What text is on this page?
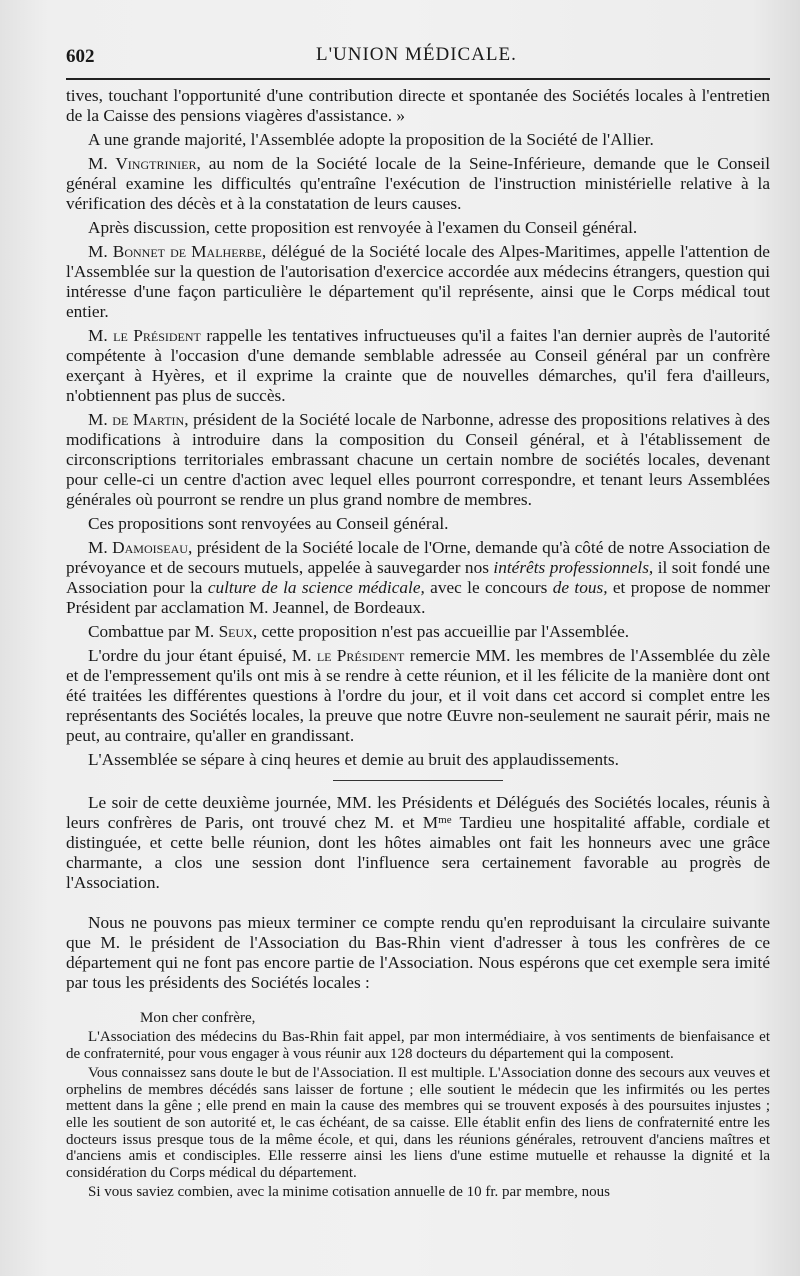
602	L'UNION MÉDICALE.

tives, touchant l'opportunité d'une contribution directe et spontanée des Sociétés locales à l'entretien de la Caisse des pensions viagères d'assistance. »

A une grande majorité, l'Assemblée adopte la proposition de la Société de l'Allier.

M. Vingtrinier, au nom de la Société locale de la Seine-Inférieure, demande que le Conseil général examine les difficultés qu'entraîne l'exécution de l'instruction ministérielle relative à la vérification des décès et à la constatation de leurs causes.

Après discussion, cette proposition est renvoyée à l'examen du Conseil général.

M. Bonnet de Malherbe, délégué de la Société locale des Alpes-Maritimes, appelle l'attention de l'Assemblée sur la question de l'autorisation d'exercice accordée aux médecins étrangers, question qui intéresse d'une façon particulière le département qu'il représente, ainsi que le Corps médical tout entier.

M. le Président rappelle les tentatives infructueuses qu'il a faites l'an dernier auprès de l'autorité compétente à l'occasion d'une demande semblable adressée au Conseil général par un confrère exerçant à Hyères, et il exprime la crainte que de nouvelles démarches, qu'il fera d'ailleurs, n'obtiennent pas plus de succès.

M. de Martin, président de la Société locale de Narbonne, adresse des propositions relatives à des modifications à introduire dans la composition du Conseil général, et à l'établissement de circonscriptions territoriales embrassant chacune un certain nombre de sociétés locales, devenant pour celle-ci un centre d'action avec lequel elles pourront correspondre, et tenant leurs Assemblées générales où pourront se rendre un plus grand nombre de membres.

Ces propositions sont renvoyées au Conseil général.

M. Damoiseau, président de la Société locale de l'Orne, demande qu'à côté de notre Association de prévoyance et de secours mutuels, appelée à sauvegarder nos intérêts professionnels, il soit fondé une Association pour la culture de la science médicale, avec le concours de tous, et propose de nommer Président par acclamation M. Jeannel, de Bordeaux.

Combattue par M. Seux, cette proposition n'est pas accueillie par l'Assemblée.

L'ordre du jour étant épuisé, M. le Président remercie MM. les membres de l'Assemblée du zèle et de l'empressement qu'ils ont mis à se rendre à cette réunion, et il les félicite de la manière dont ont été traitées les différentes questions à l'ordre du jour, et il voit dans cet accord si complet entre les représentants des Sociétés locales, la preuve que notre Œuvre non-seulement ne saurait périr, mais ne peut, au contraire, qu'aller en grandissant.

L'Assemblée se sépare à cinq heures et demie au bruit des applaudissements.

Le soir de cette deuxième journée, MM. les Présidents et Délégués des Sociétés locales, réunis à leurs confrères de Paris, ont trouvé chez M. et $M^{me}$ Tardieu une hospitalité affable, cordiale et distinguée, et cette belle réunion, dont les hôtes aimables ont fait les honneurs avec une grâce charmante, a clos une session dont l'influence sera certainement favorable au progrès de l'Association.

Nous ne pouvons pas mieux terminer ce compte rendu qu'en reproduisant la circulaire suivante que M. le président de l'Association du Bas-Rhin vient d'adresser à tous les confrères de ce département qui ne font pas encore partie de l'Association. Nous espérons que cet exemple sera imité par tous les présidents des Sociétés locales :

Mon cher confrère,

L'Association des médecins du Bas-Rhin fait appel, par mon intermédiaire, à vos sentiments de bienfaisance et de confraternité, pour vous engager à vous réunir aux 128 docteurs du département qui la composent.

Vous connaissez sans doute le but de l'Association. Il est multiple. L'Association donne des secours aux veuves et orphelins de membres décédés sans laisser de fortune ; elle soutient le médecin que les infirmités ou les pertes mettent dans la gêne ; elle prend en main la cause des membres qui se trouvent exposés à des poursuites injustes ; elle les soutient de son autorité et, le cas échéant, de sa caisse. Elle établit enfin des liens de confraternité entre les docteurs issus presque tous de la même école, et qui, dans les réunions générales, retrouvent d'anciens maîtres et d'anciens amis et condisciples. Elle resserre ainsi les liens d'une estime mutuelle et rehausse la dignité et la considération du Corps médical du département.

Si vous saviez combien, avec la minime cotisation annuelle de 10 fr. par membre, nous
